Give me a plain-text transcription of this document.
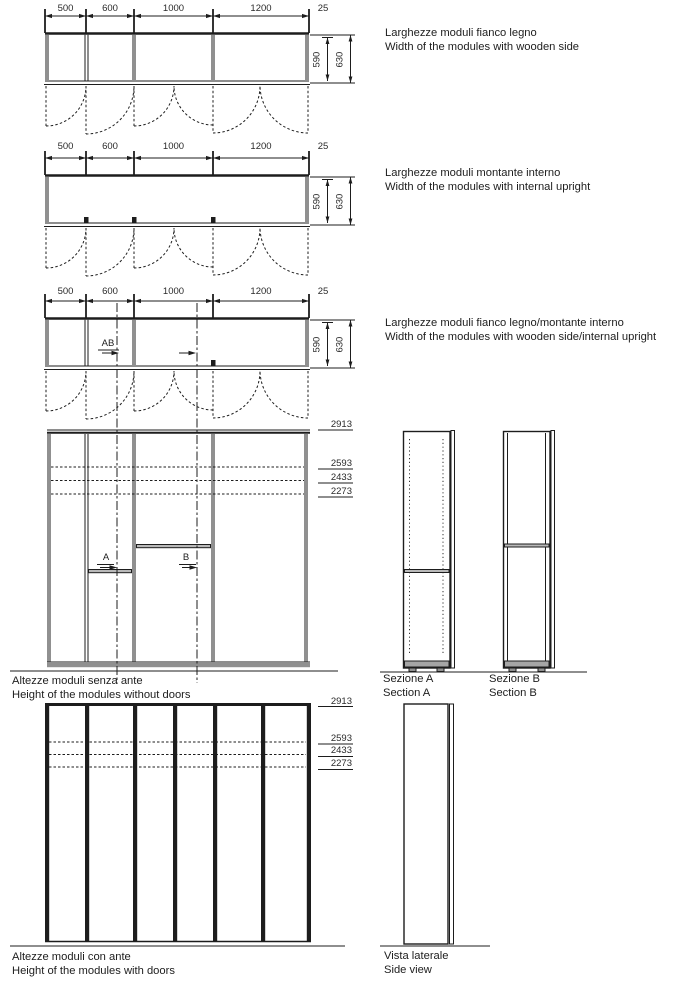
500	600	1000	1200	25
590 630
Larghezze moduli fianco legno
Width of the modules with wooden side
500	600	1000	1200	25
590 630
Larghezze moduli montante interno
Width of the modules with internal upright
500	600	1000	1200	25
590 630
AB
Larghezze moduli fianco legno/montante interno
Width of the modules with wooden side/internal upright
2913
2593
2433
2273
A	B
Altezze moduli senza ante
Height of the modules without doors
Sezione A
Section A
Sezione B
Section B
2913
2593
2433
2273
Altezze moduli con ante
Height of the modules with doors
Vista laterale
Side view
